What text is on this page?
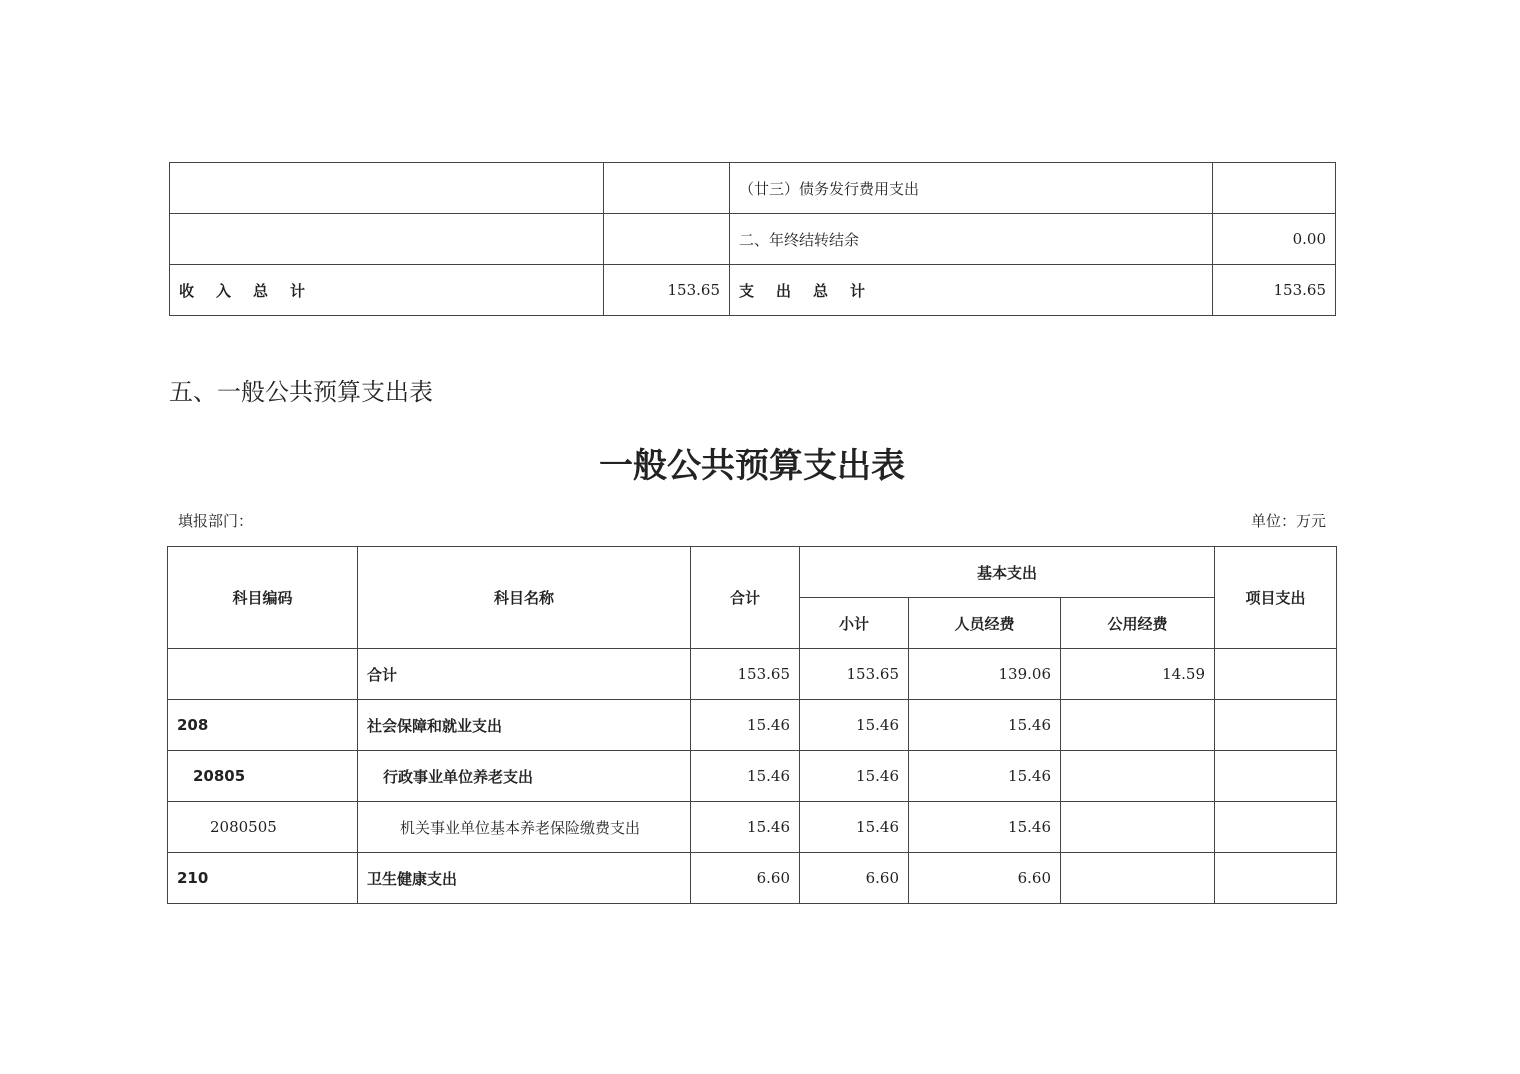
		（廿三）债务发行费用支出	
		二、年终结转结余	0.00
收 入 总 计	153.65	支 出 总 计	153.65
五、一般公共预算支出表
一般公共预算支出表
填报部门：	单位：万元
科目编码	科目名称	合计	基本支出			项目支出
			小计	人员经费	公用经费	
	合计	153.65	153.65	139.06	14.59	
208	社会保障和就业支出	15.46	15.46	15.46		
20805	行政事业单位养老支出	15.46	15.46	15.46		
2080505	机关事业单位基本养老保险缴费支出	15.46	15.46	15.46		
210	卫生健康支出	6.60	6.60	6.60		
